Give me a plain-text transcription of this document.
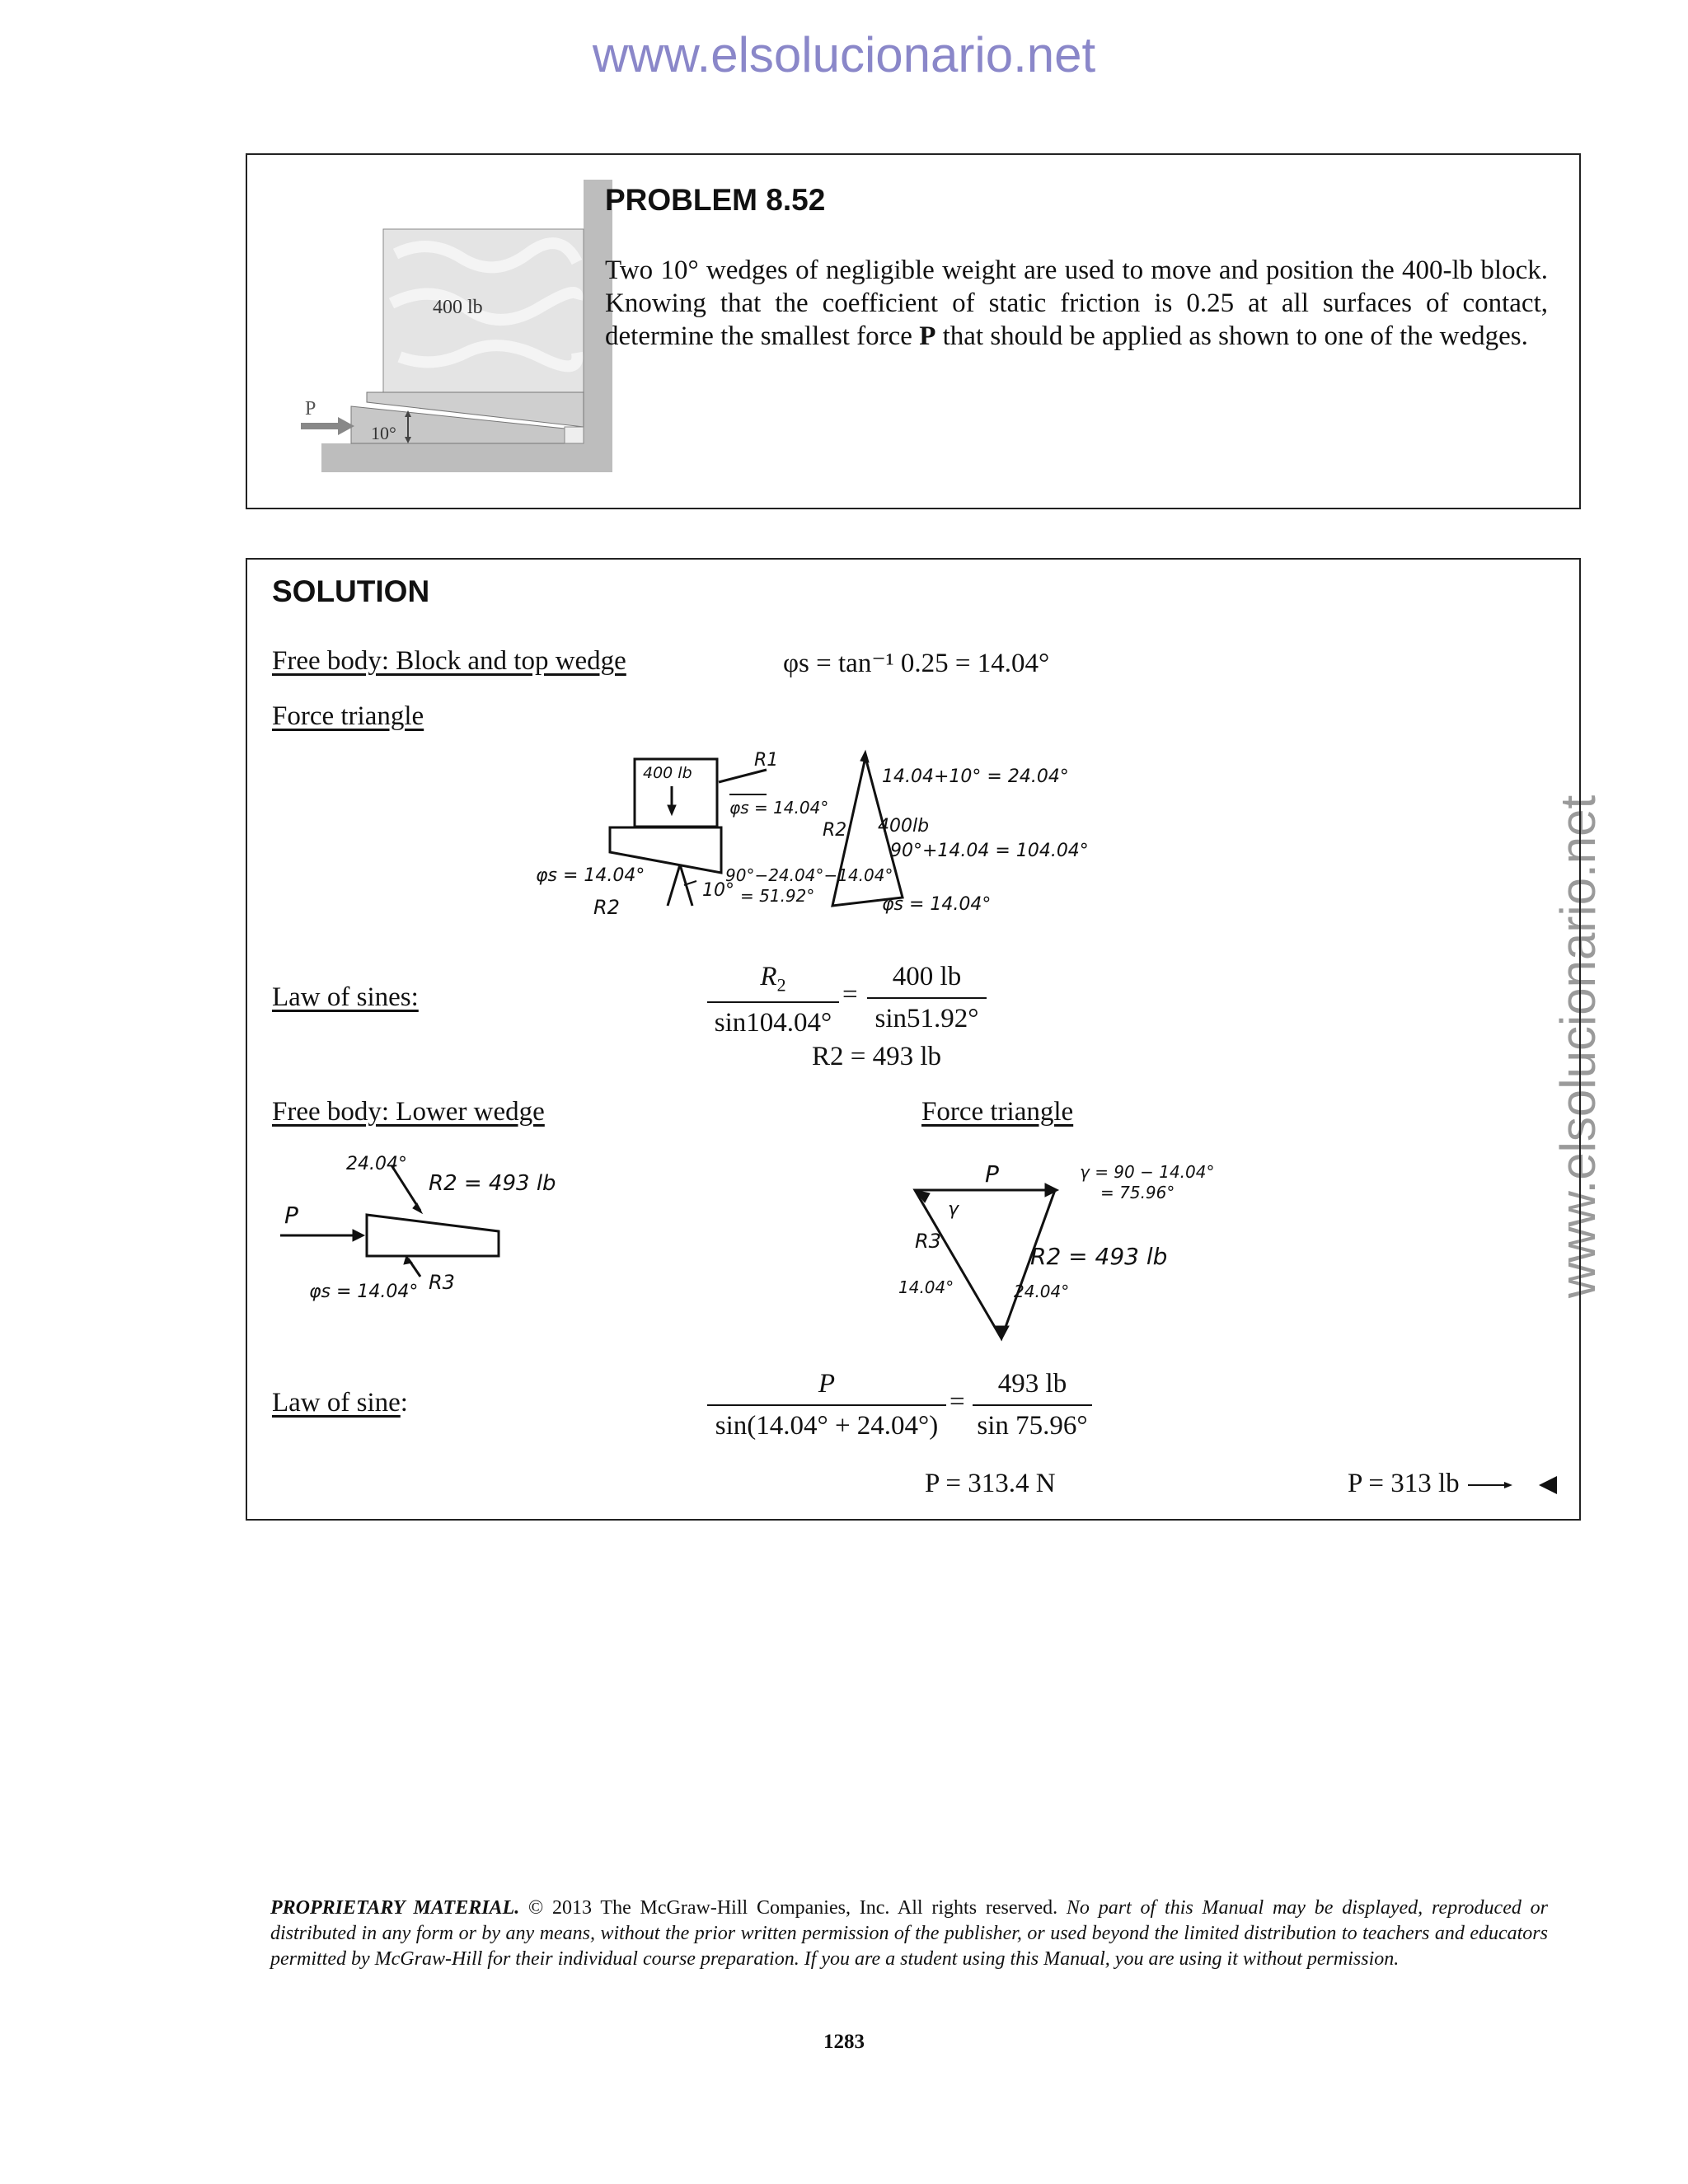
www.elsolucionario.net
www.elsolucionario.net
400 lb
P
10°
PROBLEM 8.52
Two 10° wedges of negligible weight are used to move and position the 400-lb block. Knowing that the coefficient of static friction is 0.25 at all surfaces of contact, determine the smallest force P that should be applied as shown to one of the wedges.
SOLUTION
Free body: Block and top wedge	φs = tan⁻¹ 0.25 = 14.04°
Force triangle
400 lb
R1
φs = 14.04°
φs = 14.04°
R2
10°
14.04+10° = 24.04°
400lb
R2
90°+14.04 = 104.04°
90°−24.04°−14.04°
= 51.92°	φs = 14.04°
Law of sines:	$\frac{R_2}{\sin 104.04^\circ} = \frac{400 lb}{\sin 51.92^\circ}$
R2 = 493 lb
Free body: Lower wedge	Force triangle
24.04°
R2 = 493 lb
P
φs = 14.04° R3
P	γ = 90 − 14.04°
= 75.96°
γ
R3
R2 = 493 lb
14.04°	24.04°
Law of sine:	$\frac{P}{\sin(14.04^\circ + 24.04^\circ)} = \frac{493 lb}{\sin 75.96^\circ}$
P = 313.4 N	P = 313 lb
PROPRIETARY MATERIAL. © 2013 The McGraw-Hill Companies, Inc. All rights reserved. No part of this Manual may be displayed, reproduced or distributed in any form or by any means, without the prior written permission of the publisher, or used beyond the limited distribution to teachers and educators permitted by McGraw-Hill for their individual course preparation. If you are a student using this Manual, you are using it without permission.
1283
